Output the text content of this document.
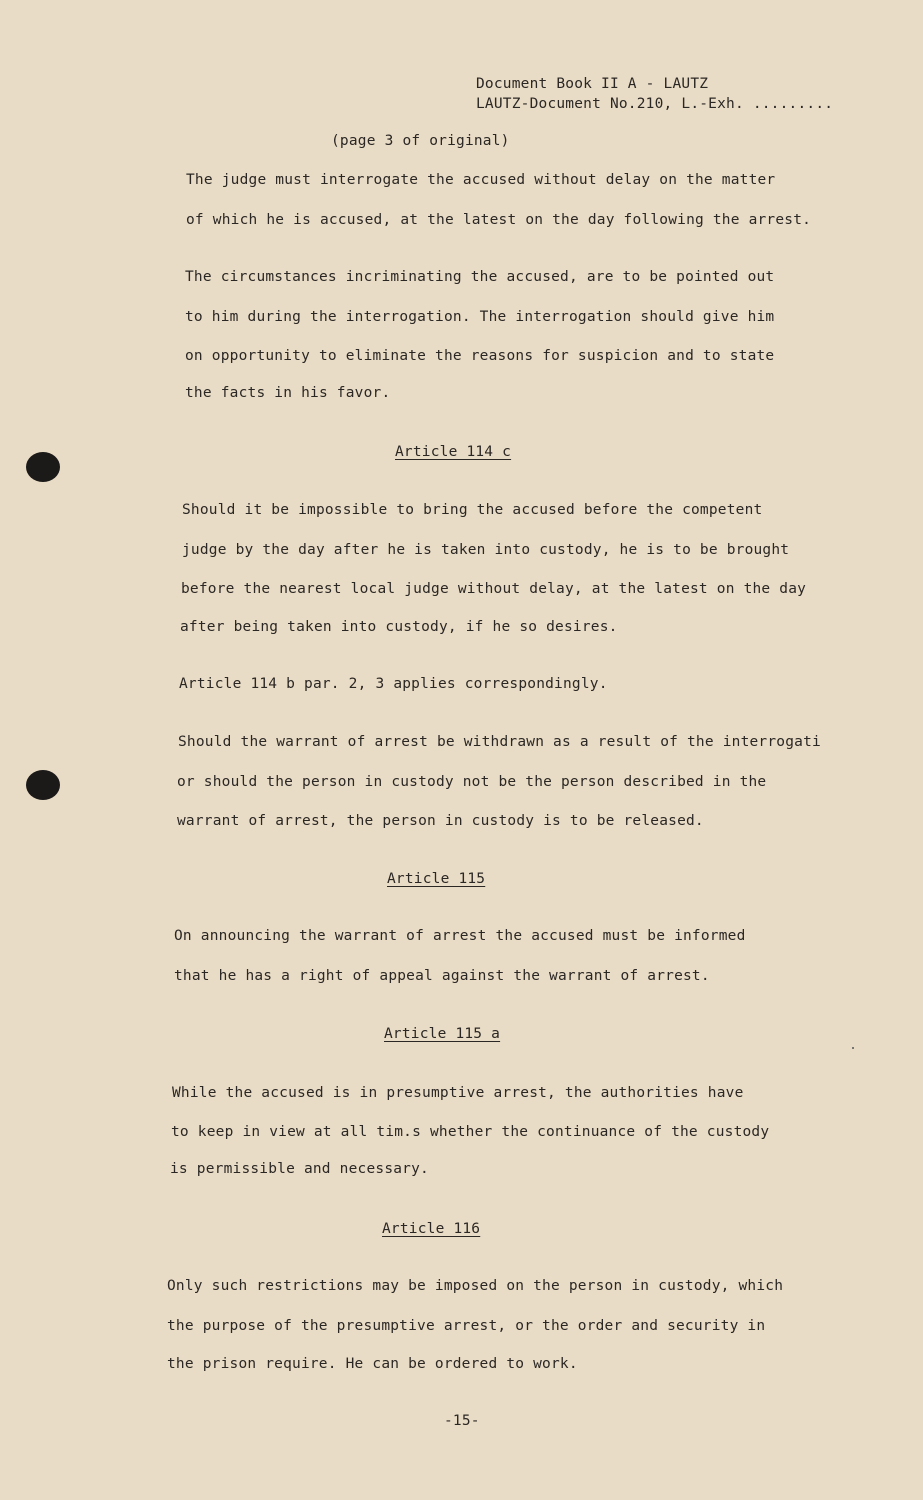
Document Book II A - LAUTZ
LAUTZ-Document No.210, L.-Exh. .........
(page 3 of original)
The judge must interrogate the accused without delay on the matter
of which he is accused, at the latest on the day following the arrest.
The circumstances incriminating the accused, are to be pointed out
to him during the interrogation. The interrogation should give him
on opportunity to eliminate the reasons for suspicion and to state
the facts in his favor.
Article 114 c
Should it be impossible to bring the accused before the competent
judge by the day after he is taken into custody, he is to be brought
before the nearest local judge without delay, at the latest on the day
after being taken into custody, if he so desires.
Article 114 b par. 2, 3 applies correspondingly.
Should the warrant of arrest be withdrawn as a result of the interrogati
or should the person in custody not be the person described in the
warrant of arrest, the person in custody is to be released.
Article 115
On announcing the warrant of arrest the accused must be informed
that he has a right of appeal against the warrant of arrest.
Article 115 a
While the accused is in presumptive arrest, the authorities have
to keep in view at all tim.s whether the continuance of the custody
is permissible and necessary.
Article 116
Only such restrictions may be imposed on the person in custody, which
the purpose of the presumptive arrest, or the order and security in
the prison require. He can be ordered to work.
-15-
